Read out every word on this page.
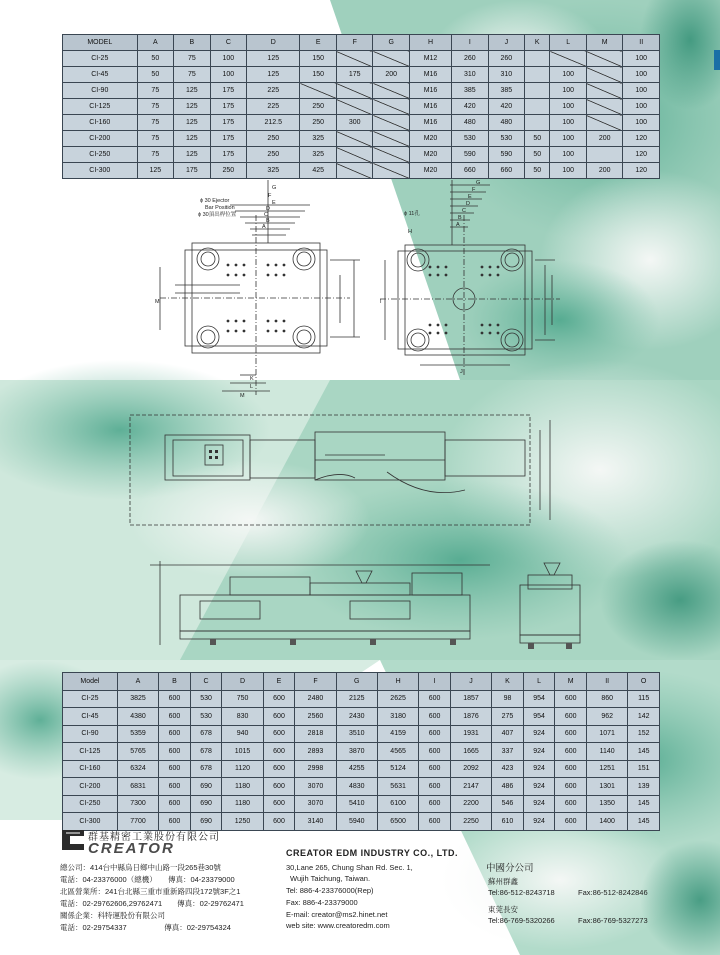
MODEL	A	B	C	D	E	F	G	H	I	J	K	L	M	II
CI-25	50	75	100	125	150			M12	260	260				100
CI-45	50	75	100	125	150	175	200	M16	310	310		100		100
CI-90	75	125	175	225				M16	385	385		100		100
CI-125	75	125	175	225	250			M16	420	420		100		100
CI-160	75	125	175	212.5	250	300		M16	480	480		100		100
CI-200	75	125	175	250	325			M20	530	530	50	100	200	120
CI-250	75	125	175	250	325			M20	590	590	50	100		120
CI-300	125	175	250	325	425			M20	660	660	50	100	200	120
ϕ 30 Ejector
Bar Position
ϕ 30頂出桿位置	ϕ 11孔
G
F
E
D
C
B
A
G
F
E
D
C
B
A
M
H
J
K
L
M
I
Model	A	B	C	D	E	F	G	H	I	J	K	L	M	II	O
CI-25	3825	600	530	750	600	2480	2125	2625	600	1857	98	954	600	860	115
CI-45	4380	600	530	830	600	2560	2430	3180	600	1876	275	954	600	962	142
CI-90	5359	600	678	940	600	2818	3510	4159	600	1931	407	924	600	1071	152
CI-125	5765	600	678	1015	600	2893	3870	4565	600	1665	337	924	600	1140	145
CI-160	6324	600	678	1120	600	2998	4255	5124	600	2092	423	924	600	1251	151
CI-200	6831	600	690	1180	600	3070	4830	5631	600	2147	486	924	600	1301	139
CI-250	7300	600	690	1180	600	3070	5410	6100	600	2200	546	924	600	1350	145
CI-300	7700	600	690	1250	600	3140	5940	6500	600	2250	610	924	600	1400	145
群基精密工業股份有限公司
CREATOR
總公司：414台中縣烏日鄉中山路一段265巷30號
電話：04-23376000（總機）　　傳真：04-23379000
北區營業所：241台北縣三重市重新路四段172號3F之1
電話：02-29762606,29762471　　傳真：02-29762471
關係企業：科特運股份有限公司
電話：02-29754337　　　　　傳真：02-29754324
CREATOR EDM INDUSTRY CO., LTD.
30,Lane 265, Chung Shan Rd. Sec. 1,
Wujih Taichung, Taiwan.
Tel: 886-4-23376000(Rep)
Fax: 886-4-23379000
E-mail: creator@ms2.hinet.net
web site: www.creatoredm.com
中國分公司
蘇州群鑫
Tel:86-512-8243718	Fax:86-512-8242846
東莞長安
Tel:86-769-5320266	Fax:86-769-5327273
